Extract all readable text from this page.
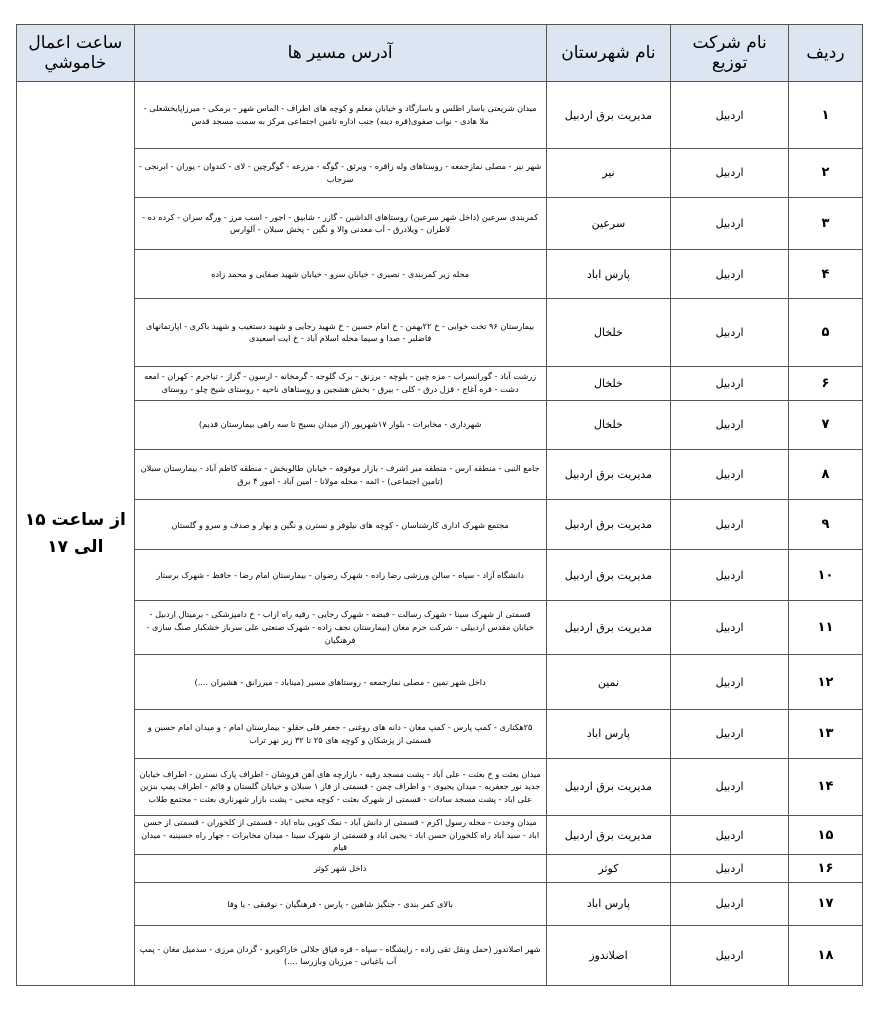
ردیف	نام شرکت توزیع	نام شهرستان	آدرس مسیر ها	ساعت اعمال
خاموشي

۱	اردبیل	مدیریت برق اردبیل	میدان شریعتی باسار اطلس و باسارگاد و خیابان معلم و کوچه های اطراف - الماس شهر - برمکی - میرزاپایخشعلی - ملا هادی - نواب صفوی(قره دینه) جنب اداره تامین اجتماعی مرکز به سمت مسجد قدس	از ساعت ۱۵
الی ۱۷

۲	اردبیل	نیر	شهر نیر - مصلی نمازجمعه - روستاهای وله زاقره - ویرثق - گوگه - مزرعه - گوگرچین - لای - کندوان - یوران - ابرنجی - سرجاب	
۳	اردبیل	سرعین	کمربندی سرعین (داخل شهر سرعین) روستاهای الداشین - گازر - شابیق - اجور - اسب مرز - ورگه سران - کرده ده - لاطران - ویلادرق - آب معدنی والا و نگین - پخش سبلان - آلوارس	
۴	اردبیل	پارس اباد	محله زیر کمربندی - نصیری - خیابان سرو - خیابان شهید صفایی و محمد زاده	
۵	اردبیل	خلخال	بیمارستان ۹۶ تخت خوابی - خ ۲۲بهمن - خ امام حسین - خ شهید رجایی و شهید دستغیب و شهید باکری - اپارتمانهای فاضلبر - صدا و سیما محله اسلام آباد - خ ایت اسعیدی	
۶	اردبیل	خلخال	زرشت آباد - گورانسراب - مزه چین - بلوچه - برزنق - برک گلوجه - گرمخانه - ارسون - گزاز - تیاحرم - کهران - امعه دشت - قره آغاج - قزل درق - کلی - بیرق - بخش هشجین و روستاهای ناحیه - روستای شیخ چلو - روستای	
۷	اردبیل	خلخال	شهرداری - مخابرات - بلوار ۱۷شهریور (از میدان بسیج تا سه راهی بیمارستان قدیم)	
۸	اردبیل	مدیریت برق اردبیل	جامع النبی - منطقه ارس - منطقه میر اشرف - بازار موقوفه - خیابان طالوبخش - منطقه کاظم آباد - بیمارستان سبلان (تامین اجتماعی) - ائمه - محله مولانا - امین آباد - امور ۴ برق	
۹	اردبیل	مدیریت برق اردبیل	مجتمع شهرک اداری کارشناسان - کوچه های نیلوفر و نسترن و نگین و بهار و صدف و سرو و گلستان	
۱۰	اردبیل	مدیریت برق اردبیل	دانشگاه آزاد - سپاه - سالن ورزشی رضا زاده - شهرک رضوان - بیمارستان امام رضا - حافظ - شهرک برستار	
۱۱	اردبیل	مدیریت برق اردبیل	قسمتی از شهرک سینا - شهرک رسالت - قبضه - شهرک رجایی - رقیه راه ازاب - خ دامپزشکی - برمیتال اردبیل - خیابان مقدس اردبیلی - شرکت حرم مغان (بیمارستان نجف زاده - شهرک صنعتی علی سرباز خشکبار صنگ سازی - فرهنگیان	
۱۲	اردبیل	نمین	داخل شهر نمین - مصلی نمازجمعه - روستاهای مسیر (میناباد - میرزانق - هشیران ....)	
۱۳	اردبیل	پارس اباد	۲۵هکتاری - کمپ پارس - کمپ مغان - دانه های روغنی - جعفر قلی حقلو - بیمارستان امام - و میدان امام حسین و قسمتی از پزشکان و کوچه های ۲۵ تا ۳۲ زیر نهر تراب	
۱۴	اردبیل	مدیریت برق اردبیل	میدان بعثت و خ بعثت - علی آباد - پشت مسجد رقیه - بازارچه های آهن فروشان - اطراف پارک نسترن - اطراف خیابان جدید نور جعفریه - میدان یحیوی - و اطراف چمن - قسمتی از فاز ۱ سبلان و خیابان گلستان و قائم - اطراف پمپ بنزین علی اباد - پشت مسجد سادات - قسمتی از شهرک بعثت - کوچه محبی - پشت بازار شهرناری بعثت - مجتمع طلاب	
۱۵	اردبیل	مدیریت برق اردبیل	میدان وحدت - محله رسول اکرم - قسمتی از دانش آباد - نمک کوبی بناه اباد - قسمتی از کلخوران - قسمتی از حسن اباد - سید آباد راه کلخوران حسن اباد - یحیی اباد و قسمتی از شهرک سینا - میدان مخابرات - جهار راه حسینیه - میدان قیام	
۱۶	اردبیل	کوثر	داخل شهر کوثر	
۱۷	اردبیل	پارس اباد	بالای کمر بندی - جنگیز شاهین - پارس - فرهنگیان - نوقیقی - یا وفا	
۱۸	اردبیل	اصلاندوز	شهر اصلاندوز (حمل ونقل تقی زاده - زایشگاه - سپاه - قره قیاق جلالی خاراکوبرو - گردان مرزی - سدمیل مغان - پمپ آب باغبانی - مرزبان وبازرسا ....)	
